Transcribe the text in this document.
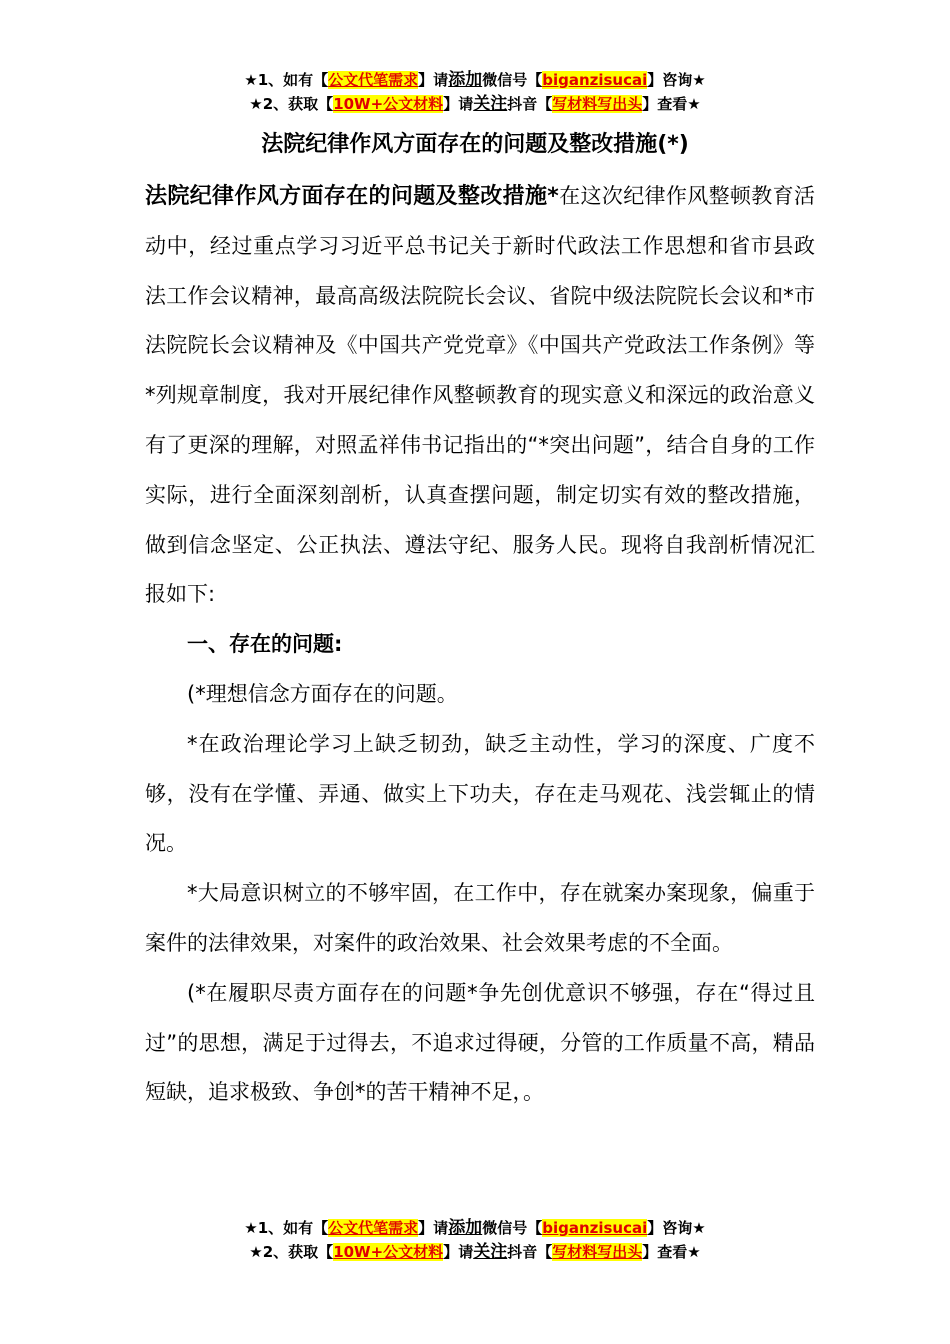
★1、如有【公文代笔需求】请添加微信号【biganzisucai】咨询★
★2、获取【10W+公文材料】请关注抖音【写材料写出头】查看★
法院纪律作风方面存在的问题及整改措施(*)

法院纪律作风方面存在的问题及整改措施*在这次纪律作风整顿教育活动中，经过重点学习习近平总书记关于新时代政法工作思想和省市县政法工作会议精神，最高高级法院院长会议、省院中级法院院长会议和*市法院院长会议精神及《中国共产党党章》《中国共产党政法工作条例》等*列规章制度，我对开展纪律作风整顿教育的现实意义和深远的政治意义有了更深的理解，对照孟祥伟书记指出的“*突出问题”，结合自身的工作实际，进行全面深刻剖析，认真查摆问题，制定切实有效的整改措施，做到信念坚定、公正执法、遵法守纪、服务人民。现将自我剖析情况汇报如下:

一、存在的问题:

(*理想信念方面存在的问题。

*在政治理论学习上缺乏韧劲，缺乏主动性，学习的深度、广度不够，没有在学懂、弄通、做实上下功夫，存在走马观花、浅尝辄止的情况。

*大局意识树立的不够牢固，在工作中，存在就案办案现象，偏重于案件的法律效果，对案件的政治效果、社会效果考虑的不全面。

(*在履职尽责方面存在的问题*争先创优意识不够强，存在“得过且过”的思想，满足于过得去，不追求过得硬，分管的工作质量不高，精品短缺，追求极致、争创*的苦干精神不足，。

★1、如有【公文代笔需求】请添加微信号【biganzisucai】咨询★
★2、获取【10W+公文材料】请关注抖音【写材料写出头】查看★
